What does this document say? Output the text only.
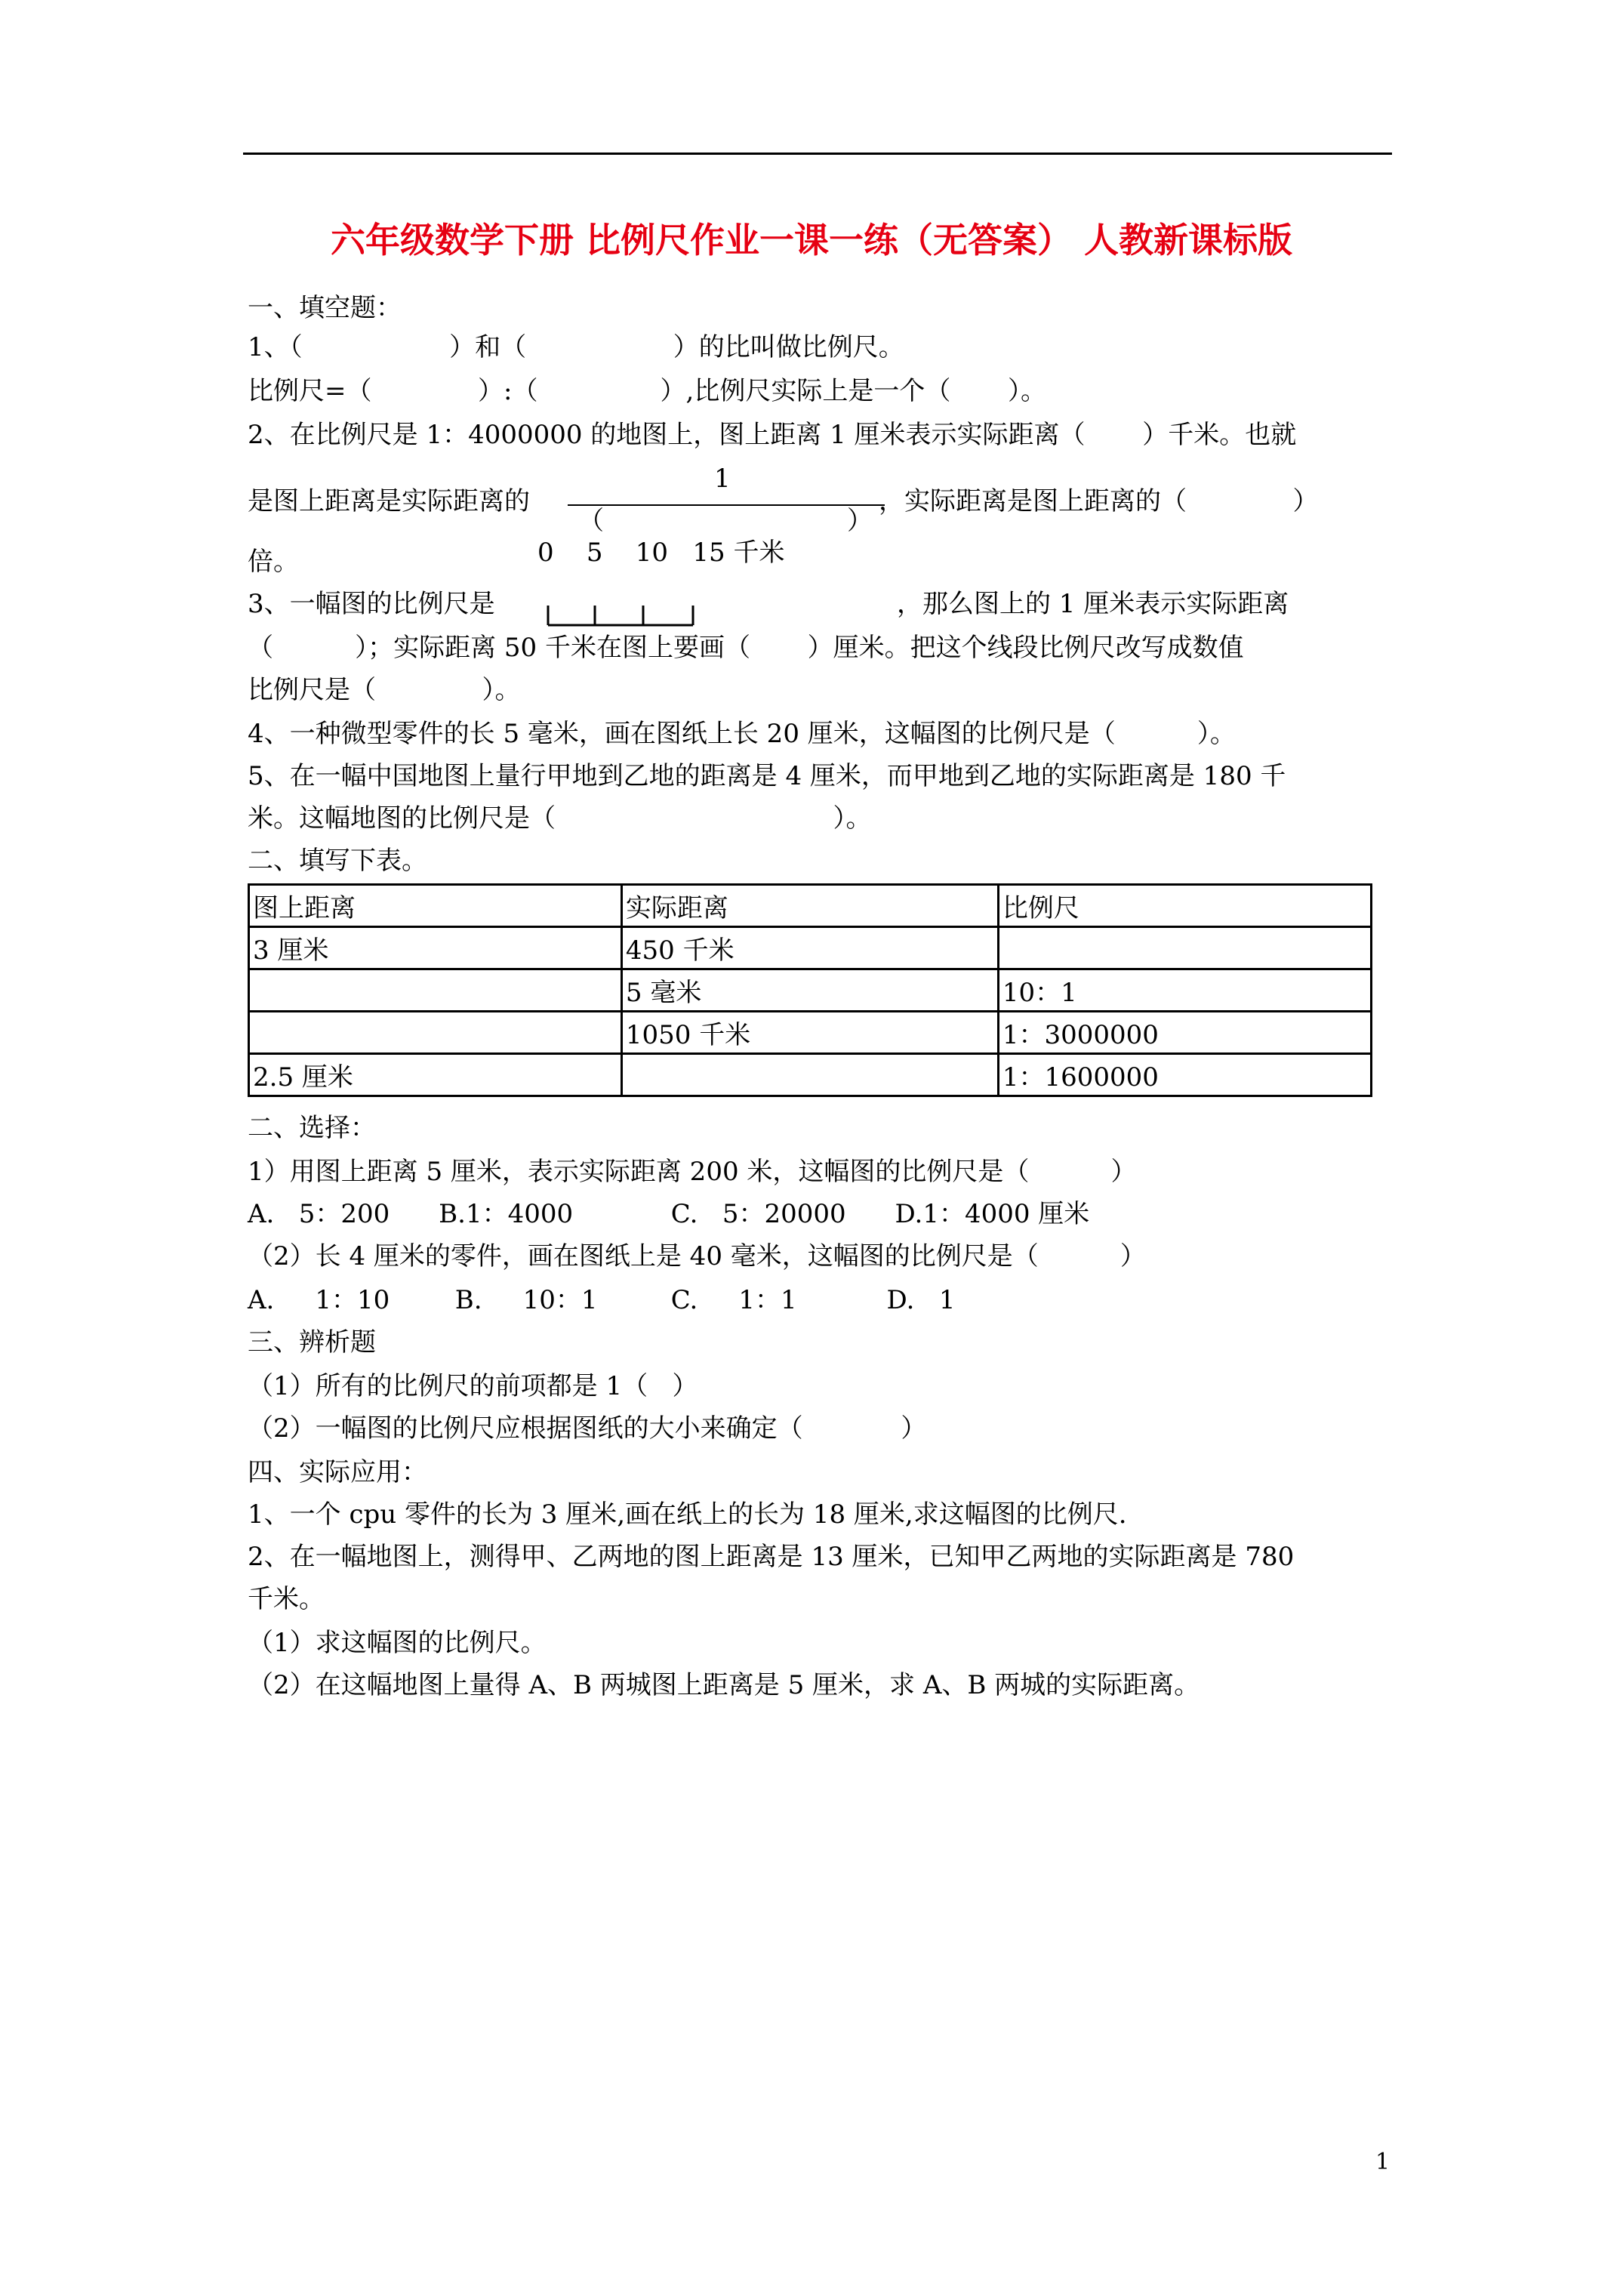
六年级数学下册 比例尺作业一课一练（无答案） 人教新课标版
一、填空题：
1、（                  ）和（                  ）的比叫做比例尺。
比例尺=（             ）:（               ）,比例尺实际上是一个（       ）。
2、在比例尺是 1：4000000 的地图上，图上距离 1 厘米表示实际距离（       ）千米。也就
1
是图上距离是实际距离的
（	）
，实际距离是图上距离的（             ）
0    5    10   15 千米
倍。
3、一幅图的比例尺是	，那么图上的 1 厘米表示实际距离
（          ）；实际距离 50 千米在图上要画（       ）厘米。把这个线段比例尺改写成数值
比例尺是（             ）。
4、一种微型零件的长 5 毫米，画在图纸上长 20 厘米，这幅图的比例尺是（          ）。
5、在一幅中国地图上量行甲地到乙地的距离是 4 厘米，而甲地到乙地的实际距离是 180 千
米。这幅地图的比例尺是（                                  ）。
二、填写下表。
图上距离	实际距离	比例尺
3 厘米	450 千米	
	5 毫米	10：1
	1050 千米	1：3000000
2.5 厘米		1：1600000
二、选择：
1）用图上距离 5 厘米，表示实际距离 200 米，这幅图的比例尺是（          ）
A.   5：200      B.1：4000            C.   5：20000      D.1：4000 厘米
（2）长 4 厘米的零件，画在图纸上是 40 毫米，这幅图的比例尺是（          ）
A.     1：10        B.     10：1         C.     1：1           D.   1
三、辨析题
（1）所有的比例尺的前项都是 1（   ）
（2）一幅图的比例尺应根据图纸的大小来确定（            ）
四、实际应用：
1、一个 cpu 零件的长为 3 厘米,画在纸上的长为 18 厘米,求这幅图的比例尺.
2、在一幅地图上，测得甲、乙两地的图上距离是 13 厘米，已知甲乙两地的实际距离是 780
千米。
（1）求这幅图的比例尺。
（2）在这幅地图上量得 A、B 两城图上距离是 5 厘米，求 A、B 两城的实际距离。
1
